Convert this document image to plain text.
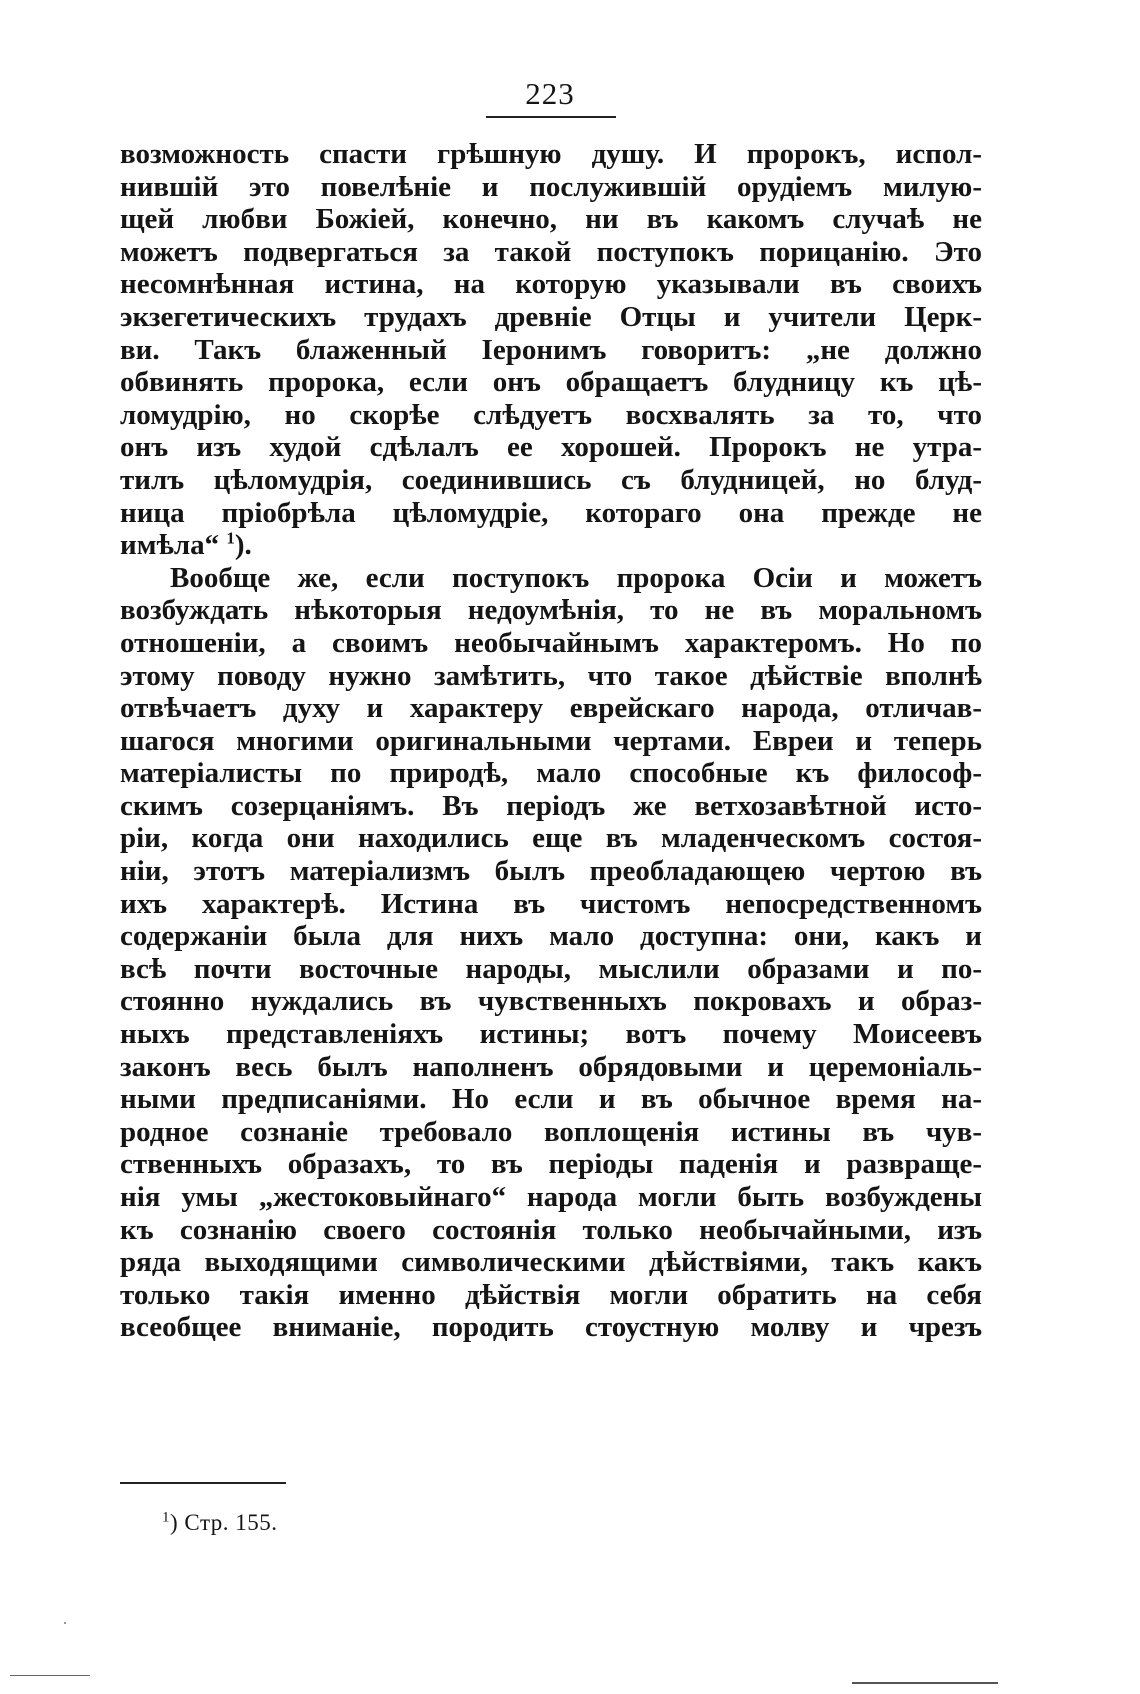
223
возможность спасти грѣшную душу. И пророкъ, испол-
нившій это повелѣніе и послужившій орудіемъ милую-
щей любви Божіей, конечно, ни въ какомъ случаѣ не
можетъ подвергаться за такой поступокъ порицанію. Это
несомнѣнная истина, на которую указывали въ своихъ
экзегетическихъ трудахъ древніе Отцы и учители Церк-
ви. Такъ блаженный Іеронимъ говоритъ: „не должно
обвинять пророка, если онъ обращаетъ блудницу къ цѣ-
ломудрію, но скорѣе слѣдуетъ восхвалять за то, что
онъ изъ худой сдѣлалъ ее хорошей. Пророкъ не утра-
тилъ цѣломудрія, соединившись съ блудницей, но блуд-
ница пріобрѣла цѣломудріе, котораго она прежде не
имѣла“ $^1$).
Вообще же, если поступокъ пророка Осіи и можетъ
возбуждать нѣкоторыя недоумѣнія, то не въ моральномъ
отношеніи, а своимъ необычайнымъ характеромъ. Но по
этому поводу нужно замѣтить, что такое дѣйствіе вполнѣ
отвѣчаетъ духу и характеру еврейскаго народа, отличав-
шагося многими оригинальными чертами. Евреи и теперь
матеріалисты по природѣ, мало способные къ философ-
скимъ созерцаніямъ. Въ періодъ же ветхозавѣтной исто-
ріи, когда они находились еще въ младенческомъ состоя-
ніи, этотъ матеріализмъ былъ преобладающею чертою въ
ихъ характерѣ. Истина въ чистомъ непосредственномъ
содержаніи была для нихъ мало доступна: они, какъ и
всѣ почти восточные народы, мыслили образами и по-
стоянно нуждались въ чувственныхъ покровахъ и образ-
ныхъ представленіяхъ истины; вотъ почему Моисеевъ
законъ весь былъ наполненъ обрядовыми и церемоніаль-
ными предписаніями. Но если и въ обычное время на-
родное сознаніе требовало воплощенія истины въ чув-
ственныхъ образахъ, то въ періоды паденія и развраще-
нія умы „жестоковыйнаго“ народа могли быть возбуждены
къ сознанію своего состоянія только необычайными, изъ
ряда выходящими символическими дѣйствіями, такъ какъ
только такія именно дѣйствія могли обратить на себя
всеобщее вниманіе, породить стоустную молву и чрезъ
$^1$) Стр. 155.
